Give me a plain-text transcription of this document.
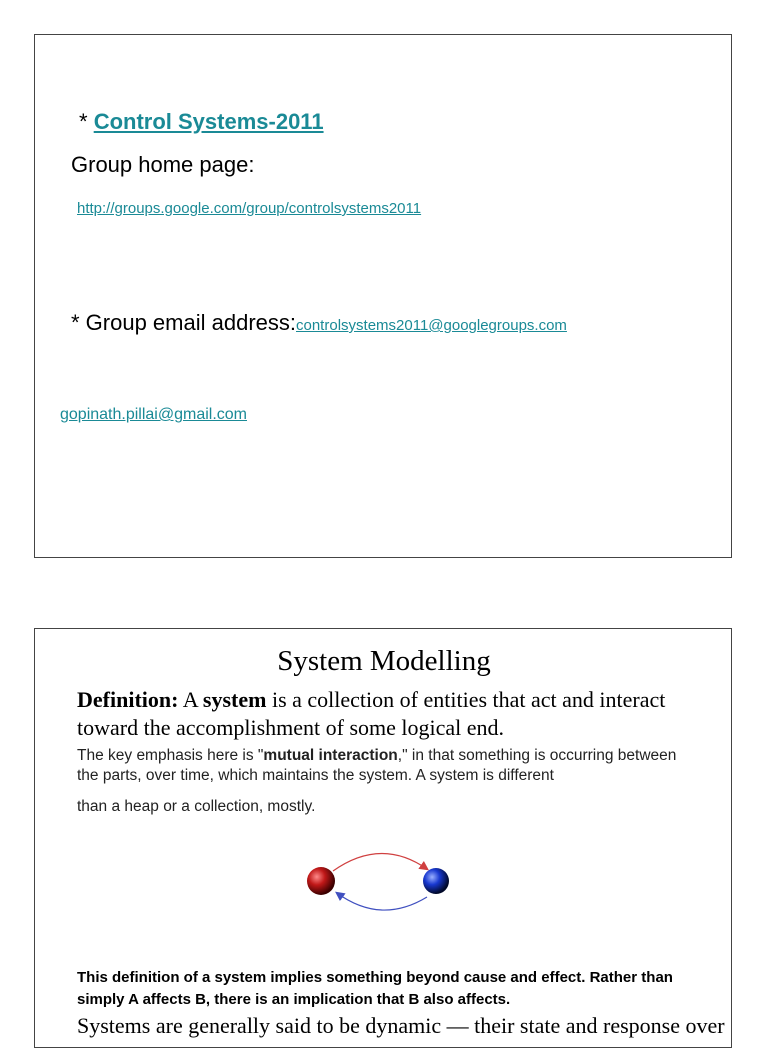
* Control Systems-2011
Group home page:
http://groups.google.com/group/controlsystems2011
* Group email address:controlsystems2011@googlegroups.com
gopinath.pillai@gmail.com
System Modelling
Definition: A system is a collection of entities that act and interact toward the accomplishment of some logical end.
The key emphasis here is "mutual interaction," in that something is occurring between the parts, over time, which maintains the system. A system is different
than a heap or a collection, mostly.
This definition of a system implies something beyond cause and effect. Rather than simply A affects B, there is an implication that B also affects.
Systems are generally said to be dynamic — their state and response over
